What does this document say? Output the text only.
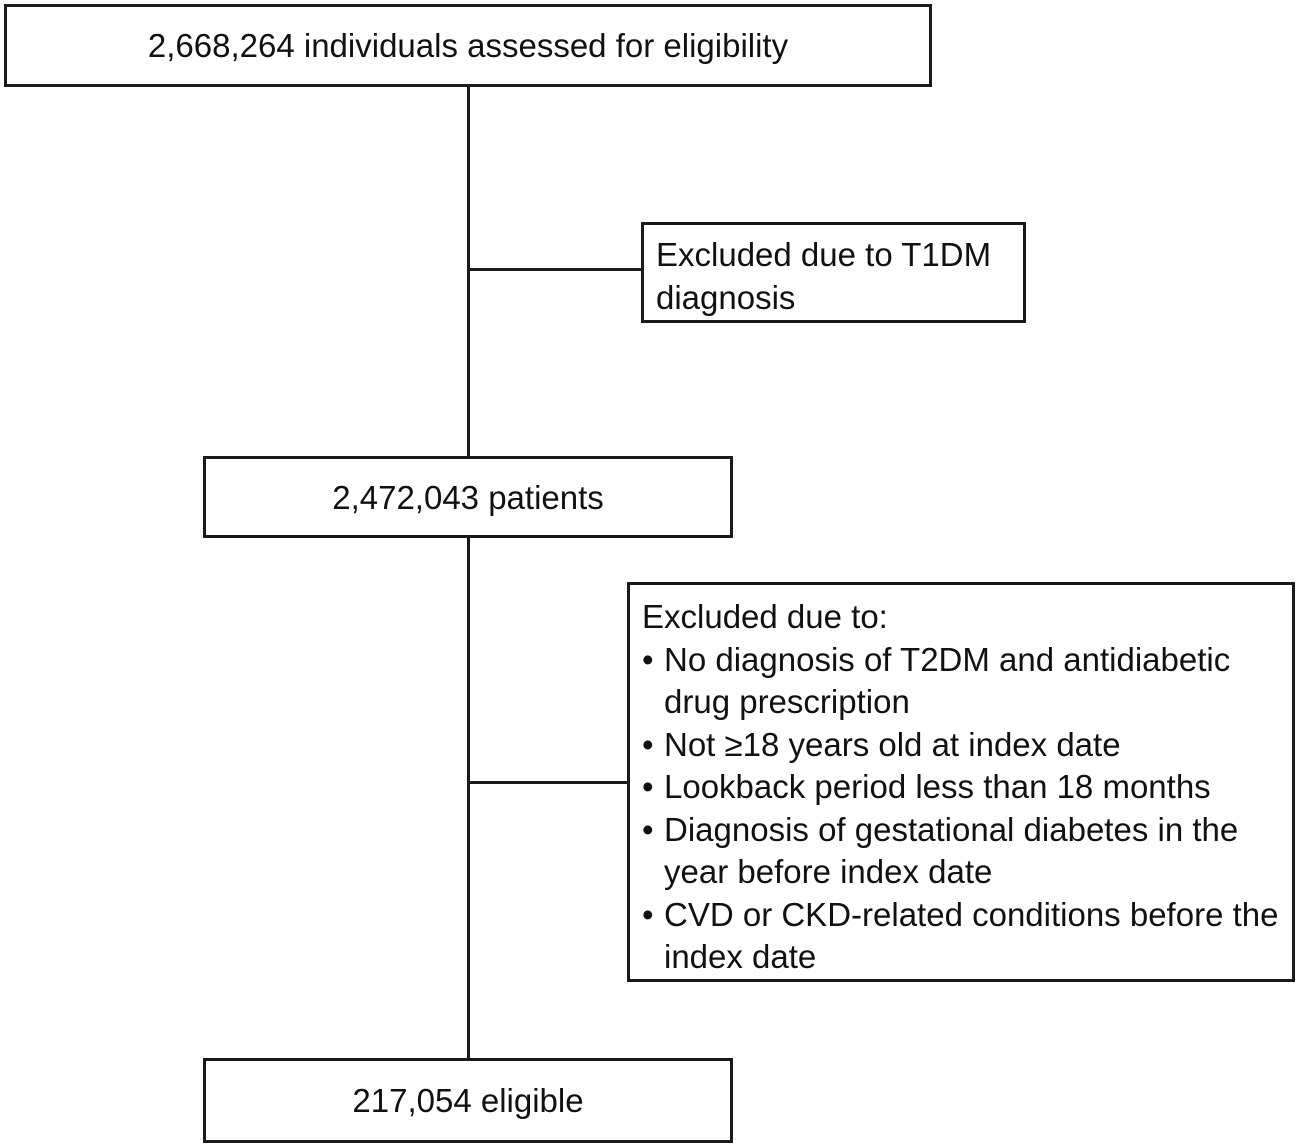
2,668,264 individuals assessed for eligibility
Excluded due to T1DM
diagnosis
2,472,043 patients
Excluded due to:
• No diagnosis of T2DM and antidiabetic drug prescription
• Not ≥18 years old at index date
• Lookback period less than 18 months
• Diagnosis of gestational diabetes in the year before index date
• CVD or CKD-related conditions before the index date
217,054 eligible
